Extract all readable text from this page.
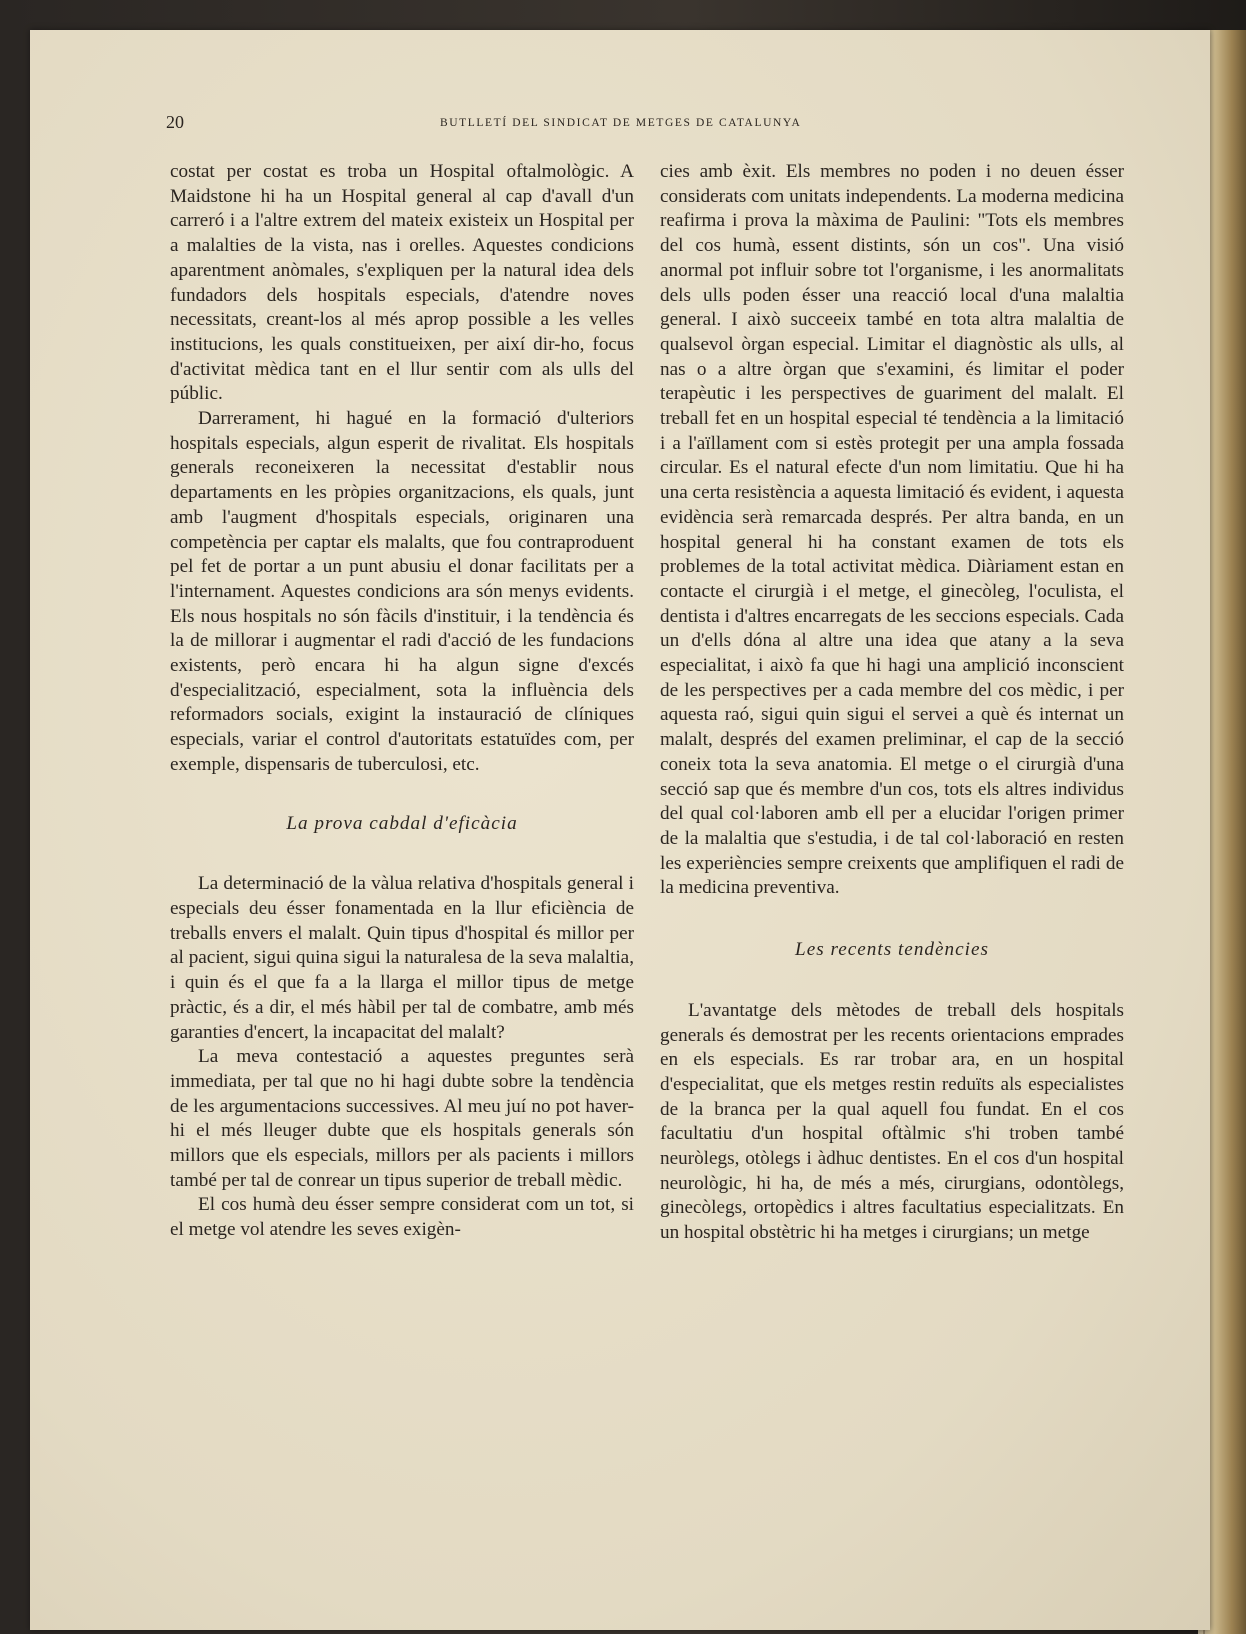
20	BUTLLETÍ DEL SINDICAT DE METGES DE CATALUNYA

costat per costat es troba un Hospital oftalmològic. A Maidstone hi ha un Hospital general al cap d'avall d'un carreró i a l'altre extrem del mateix existeix un Hospital per a malalties de la vista, nas i orelles. Aquestes condicions aparentment anòmales, s'expliquen per la natural idea dels fundadors dels hospitals especials, d'atendre noves necessitats, creant-los al més aprop possible a les velles institucions, les quals constitueixen, per així dir-ho, focus d'activitat mèdica tant en el llur sentir com als ulls del públic.

Darrerament, hi hagué en la formació d'ulteriors hospitals especials, algun esperit de rivalitat. Els hospitals generals reconeixeren la necessitat d'establir nous departaments en les pròpies organitzacions, els quals, junt amb l'augment d'hospitals especials, originaren una competència per captar els malalts, que fou contraproduent pel fet de portar a un punt abusiu el donar facilitats per a l'internament. Aquestes condicions ara són menys evidents. Els nous hospitals no són fàcils d'instituir, i la tendència és la de millorar i augmentar el radi d'acció de les fundacions existents, però encara hi ha algun signe d'excés d'especialització, especialment, sota la influència dels reformadors socials, exigint la instauració de clíniques especials, variar el control d'autoritats estatuïdes com, per exemple, dispensaris de tuberculosi, etc.

La prova cabdal d'eficàcia

La determinació de la vàlua relativa d'hospitals general i especials deu ésser fonamentada en la llur eficiència de treballs envers el malalt. Quin tipus d'hospital és millor per al pacient, sigui quina sigui la naturalesa de la seva malaltia, i quin és el que fa a la llarga el millor tipus de metge pràctic, és a dir, el més hàbil per tal de combatre, amb més garanties d'encert, la incapacitat del malalt?

La meva contestació a aquestes preguntes serà immediata, per tal que no hi hagi dubte sobre la tendència de les argumentacions successives. Al meu juí no pot haver-hi el més lleuger dubte que els hospitals generals són millors que els especials, millors per als pacients i millors també per tal de conrear un tipus superior de treball mèdic.

El cos humà deu ésser sempre considerat com un tot, si el metge vol atendre les seves exigèn-

cies amb èxit. Els membres no poden i no deuen ésser considerats com unitats independents. La moderna medicina reafirma i prova la màxima de Paulini: "Tots els membres del cos humà, essent distints, són un cos". Una visió anormal pot influir sobre tot l'organisme, i les anormalitats dels ulls poden ésser una reacció local d'una malaltia general. I això succeeix també en tota altra malaltia de qualsevol òrgan especial. Limitar el diagnòstic als ulls, al nas o a altre òrgan que s'examini, és limitar el poder terapèutic i les perspectives de guariment del malalt. El treball fet en un hospital especial té tendència a la limitació i a l'aïllament com si estès protegit per una ampla fossada circular. Es el natural efecte d'un nom limitatiu. Que hi ha una certa resistència a aquesta limitació és evident, i aquesta evidència serà remarcada després. Per altra banda, en un hospital general hi ha constant examen de tots els problemes de la total activitat mèdica. Diàriament estan en contacte el cirurgià i el metge, el ginecòleg, l'oculista, el dentista i d'altres encarregats de les seccions especials. Cada un d'ells dóna al altre una idea que atany a la seva especialitat, i això fa que hi hagi una amplició inconscient de les perspectives per a cada membre del cos mèdic, i per aquesta raó, sigui quin sigui el servei a què és internat un malalt, després del examen preliminar, el cap de la secció coneix tota la seva anatomia. El metge o el cirurgià d'una secció sap que és membre d'un cos, tots els altres individus del qual col·laboren amb ell per a elucidar l'origen primer de la malaltia que s'estudia, i de tal col·laboració en resten les experiències sempre creixents que amplifiquen el radi de la medicina preventiva.

Les recents tendències

L'avantatge dels mètodes de treball dels hospitals generals és demostrat per les recents orientacions emprades en els especials. Es rar trobar ara, en un hospital d'especialitat, que els metges restin reduïts als especialistes de la branca per la qual aquell fou fundat. En el cos facultatiu d'un hospital oftàlmic s'hi troben també neuròlegs, otòlegs i àdhuc dentistes. En el cos d'un hospital neurològic, hi ha, de més a més, cirurgians, odontòlegs, ginecòlegs, ortopèdics i altres facultatius especialitzats. En un hospital obstètric hi ha metges i cirurgians; un metge
